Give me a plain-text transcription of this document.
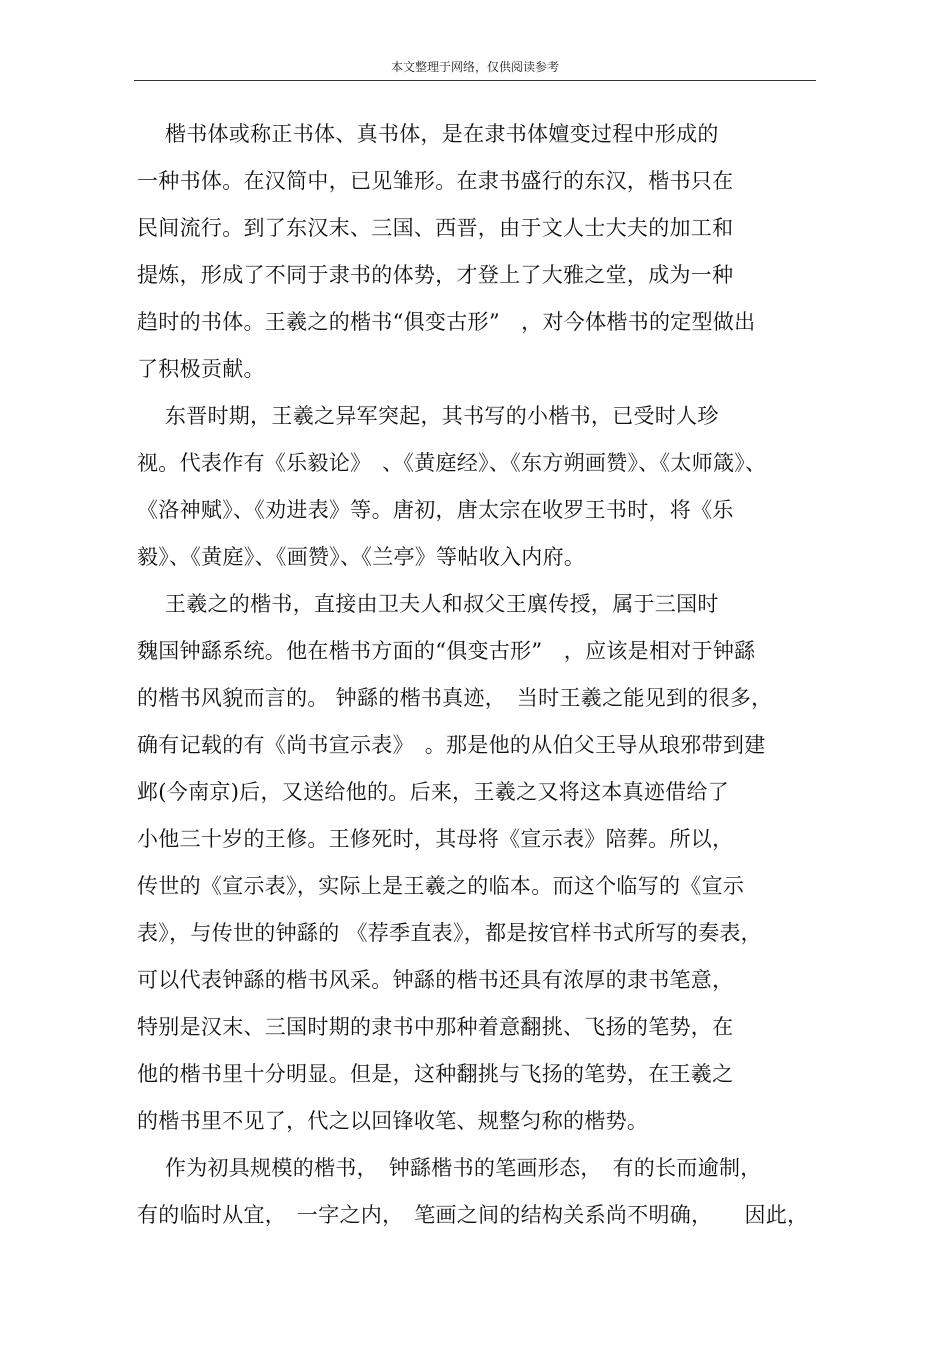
本文整理于网络，仅供阅读参考
楷书体或称正书体、真书体，是在隶书体嬗变过程中形成的
一种书体。在汉简中，已见雏形。在隶书盛行的东汉，楷书只在
民间流行。到了东汉末、三国、西晋，由于文人士大夫的加工和
提炼，形成了不同于隶书的体势，才登上了大雅之堂，成为一种
趋时的书体。王羲之的楷书“俱变古形”　，对今体楷书的定型做出
了积极贡献。
东晋时期，王羲之异军突起，其书写的小楷书，已受时人珍
视。代表作有《乐毅论》　、《黄庭经》、《东方朔画赞》、《太师箴》、
《洛神赋》、《劝进表》等。唐初，唐太宗在收罗王书时，将《乐
毅》、《黄庭》、《画赞》、《兰亭》等帖收入内府。
王羲之的楷书，直接由卫夫人和叔父王廙传授，属于三国时
魏国钟繇系统。他在楷书方面的“俱变古形”　，应该是相对于钟繇
的楷书风貌而言的。 钟繇的楷书真迹，　当时王羲之能见到的很多，
确有记载的有《尚书宣示表》　。那是他的从伯父王导从琅邪带到建
邺(今南京)后，又送给他的。后来，王羲之又将这本真迹借给了
小他三十岁的王修。王修死时，其母将《宣示表》陪葬。所以，
传世的《宣示表》，实际上是王羲之的临本。而这个临写的《宣示
表》，与传世的钟繇的 《荐季直表》，都是按官样书式所写的奏表，
可以代表钟繇的楷书风采。钟繇的楷书还具有浓厚的隶书笔意，
特别是汉末、三国时期的隶书中那种着意翻挑、飞扬的笔势，在
他的楷书里十分明显。但是，这种翻挑与飞扬的笔势，在王羲之
的楷书里不见了，代之以回锋收笔、规整匀称的楷势。
作为初具规模的楷书，　钟繇楷书的笔画形态，　有的长而逾制，
有的临时从宜，　一字之内，　笔画之间的结构关系尚不明确，　　因此，
